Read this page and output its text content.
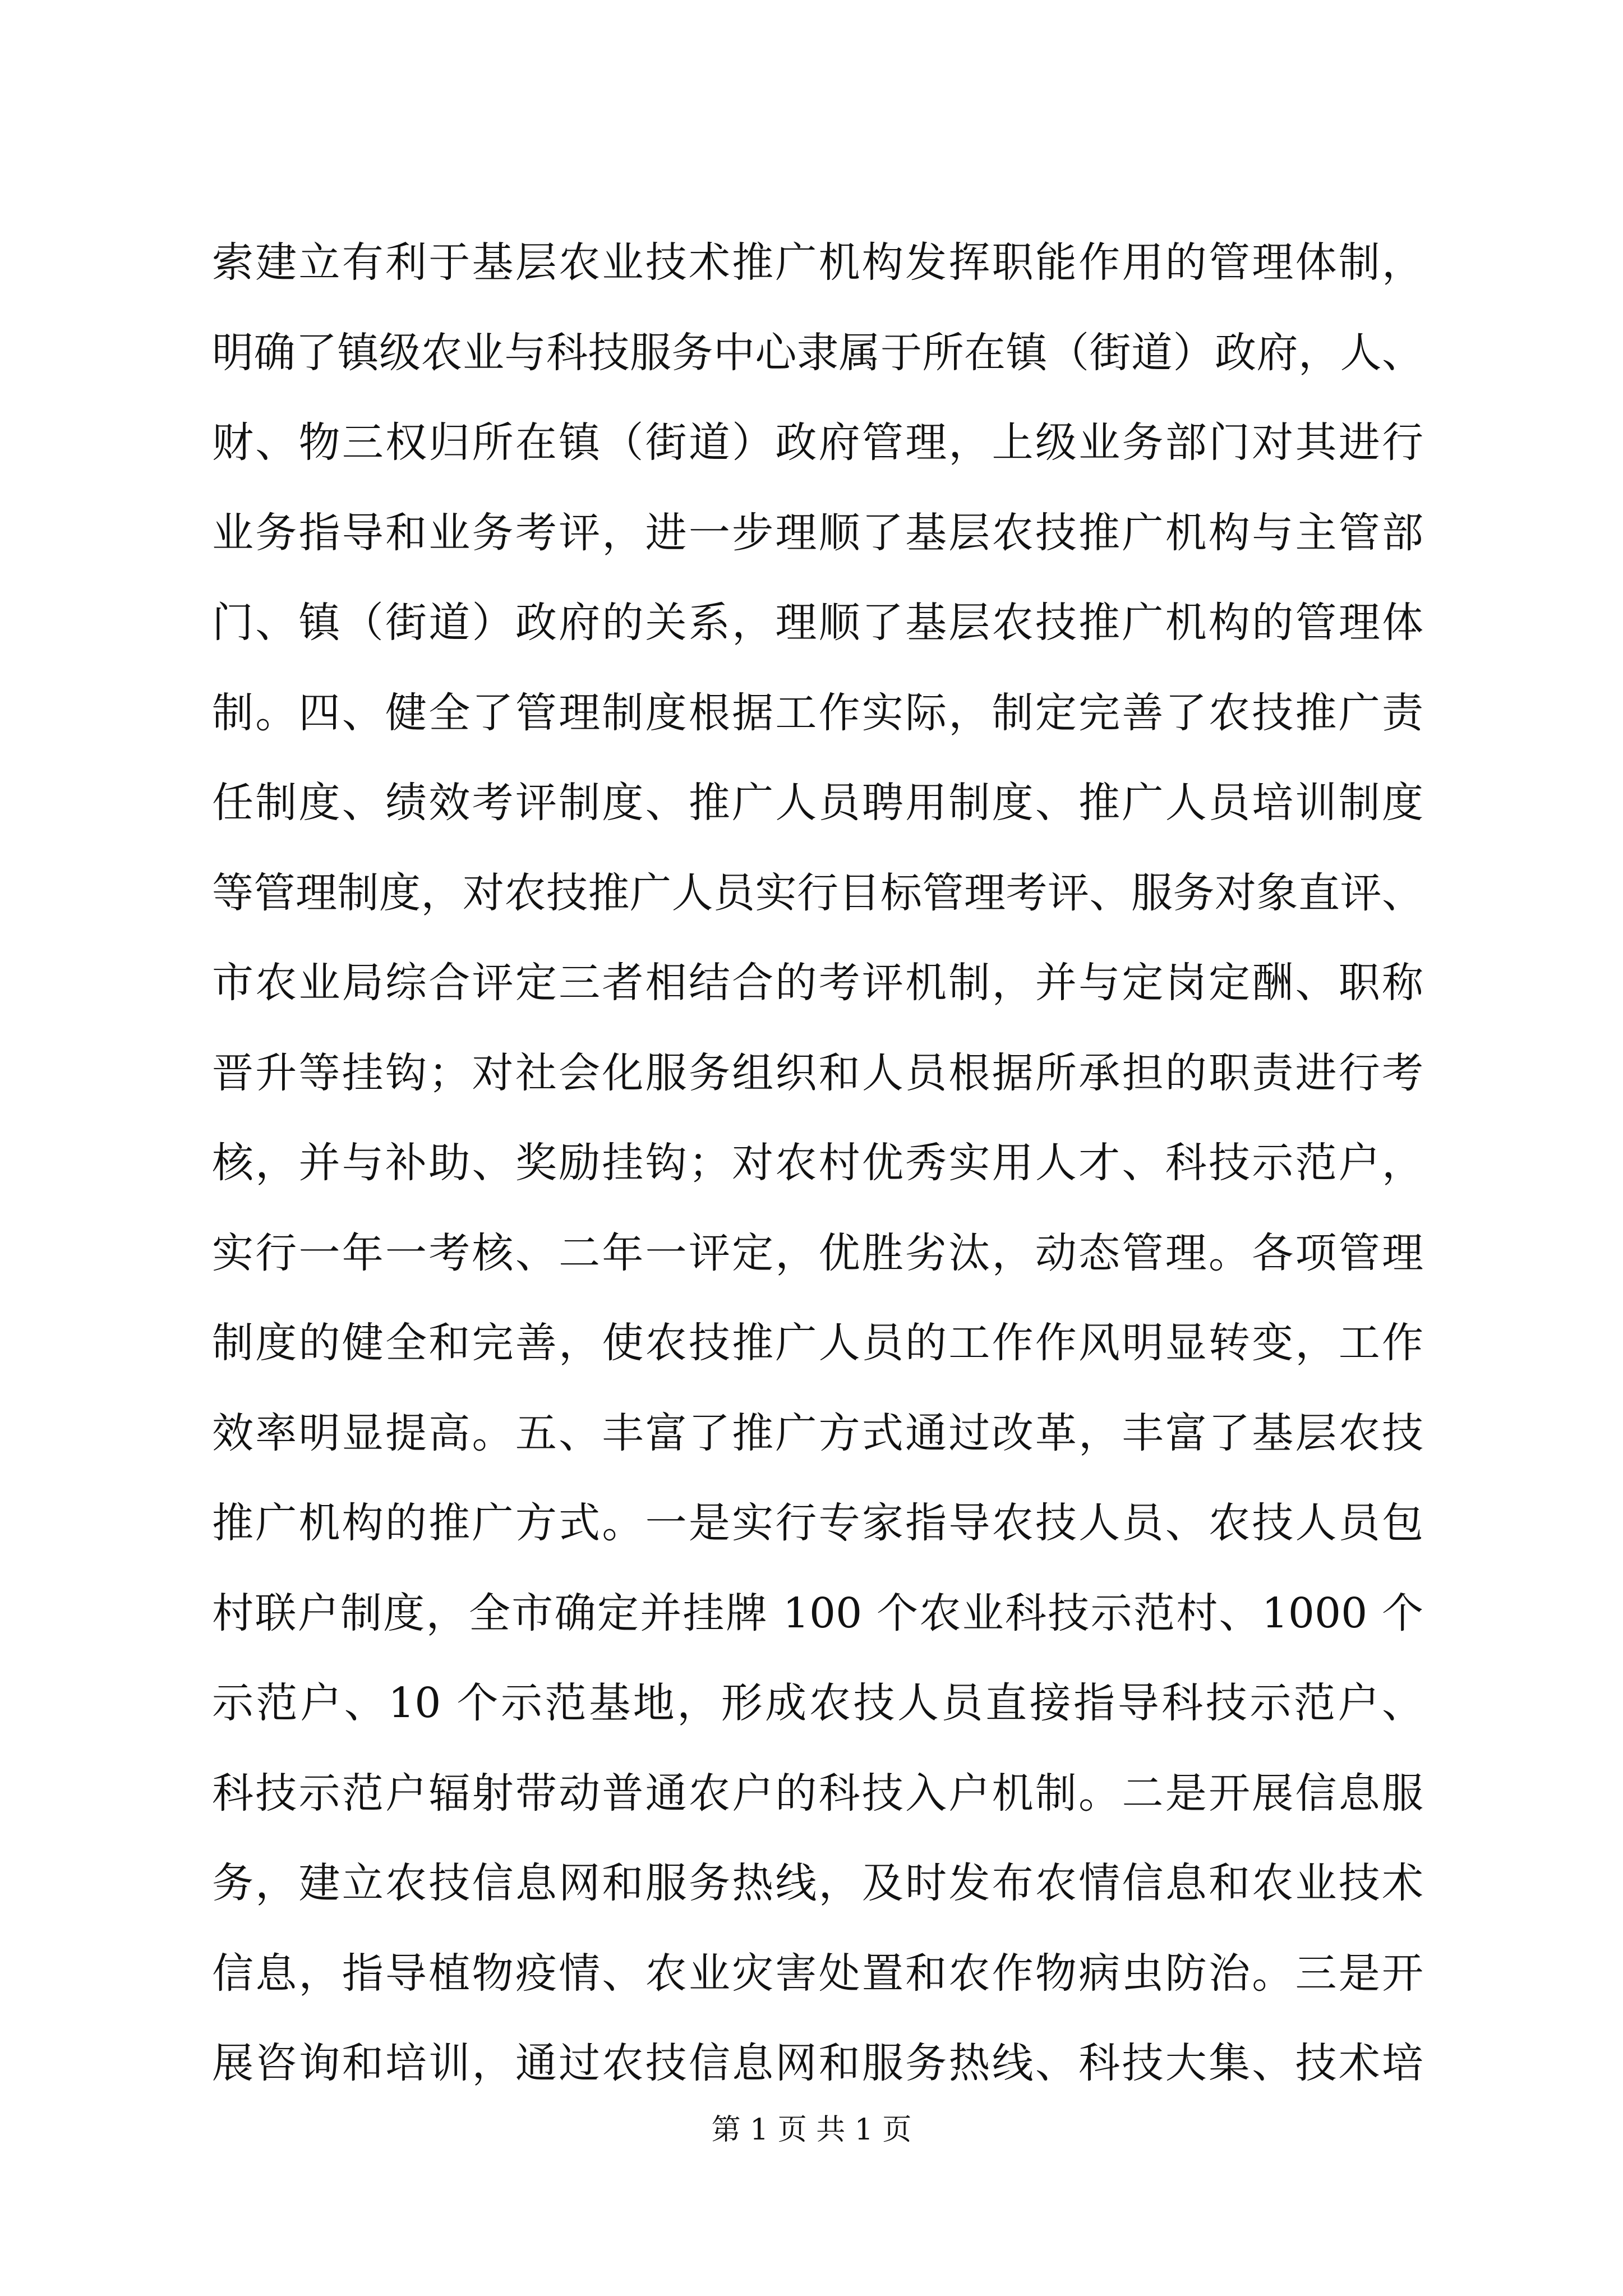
索建立有利于基层农业技术推广机构发挥职能作用的管理体制，
明确了镇级农业与科技服务中心隶属于所在镇（街道）政府，人、
财、物三权归所在镇（街道）政府管理，上级业务部门对其进行
业务指导和业务考评，进一步理顺了基层农技推广机构与主管部
门、镇（街道）政府的关系，理顺了基层农技推广机构的管理体
制。四、健全了管理制度根据工作实际，制定完善了农技推广责
任制度、绩效考评制度、推广人员聘用制度、推广人员培训制度
等管理制度，对农技推广人员实行目标管理考评、服务对象直评、
市农业局综合评定三者相结合的考评机制，并与定岗定酬、职称
晋升等挂钩；对社会化服务组织和人员根据所承担的职责进行考
核，并与补助、奖励挂钩；对农村优秀实用人才、科技示范户，
实行一年一考核、二年一评定，优胜劣汰，动态管理。各项管理
制度的健全和完善，使农技推广人员的工作作风明显转变，工作
效率明显提高。五、丰富了推广方式通过改革，丰富了基层农技
推广机构的推广方式。一是实行专家指导农技人员、农技人员包
村联户制度，全市确定并挂牌 100 个农业科技示范村、1000 个
示范户、10 个示范基地，形成农技人员直接指导科技示范户、
科技示范户辐射带动普通农户的科技入户机制。二是开展信息服
务，建立农技信息网和服务热线，及时发布农情信息和农业技术
信息，指导植物疫情、农业灾害处置和农作物病虫防治。三是开
展咨询和培训，通过农技信息网和服务热线、科技大集、技术培
第 1 页 共 1 页
